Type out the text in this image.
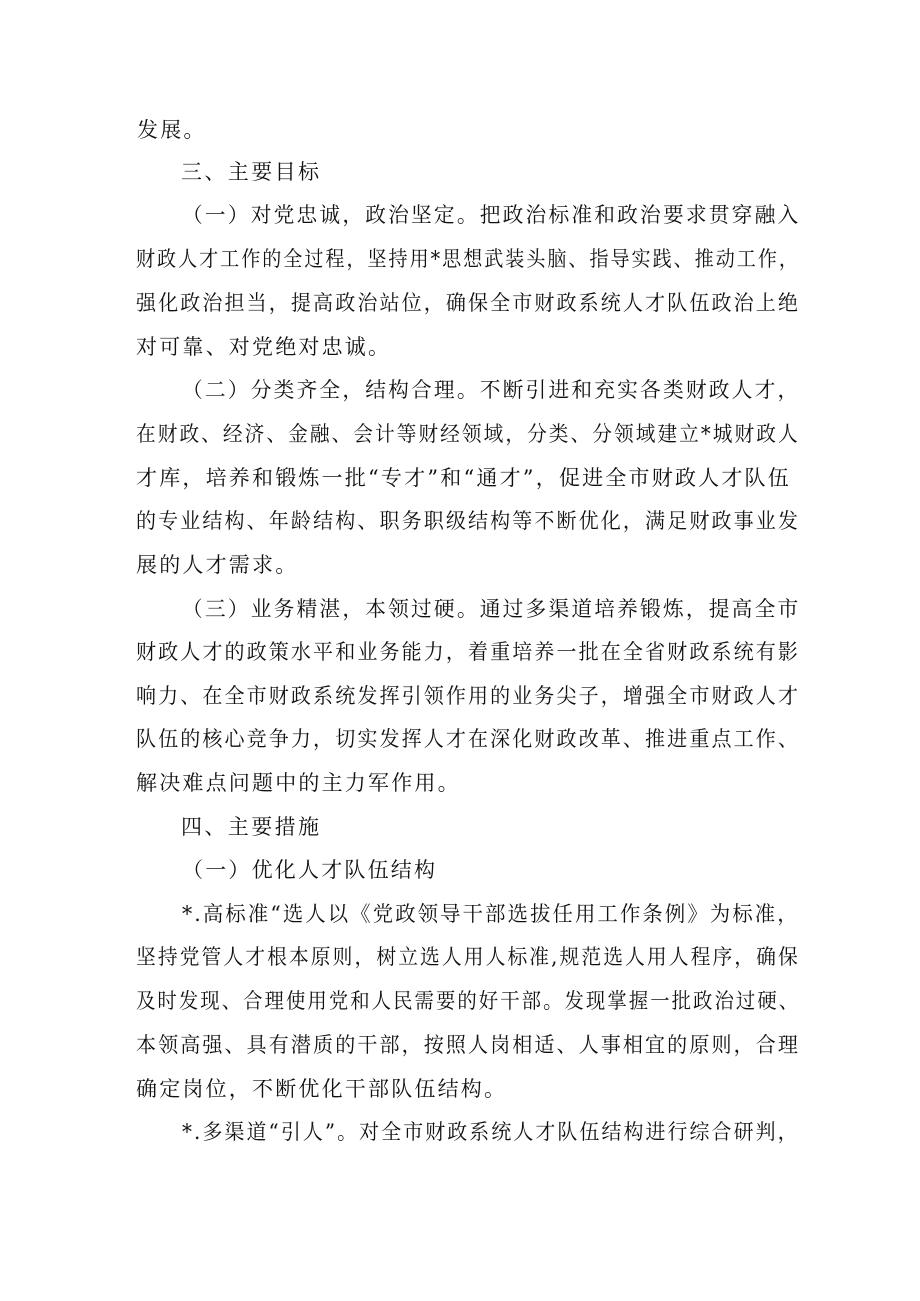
发展。
三、主要目标
（一）对党忠诚，政治坚定。把政治标准和政治要求贯穿融入
财政人才工作的全过程，坚持用*思想武装头脑、指导实践、推动工作，
强化政治担当，提高政治站位，确保全市财政系统人才队伍政治上绝
对可靠、对党绝对忠诚。
（二）分类齐全，结构合理。不断引进和充实各类财政人才，
在财政、经济、金融、会计等财经领域，分类、分领域建立*城财政人
才库，培养和锻炼一批“专才”和“通才”，促进全市财政人才队伍
的专业结构、年龄结构、职务职级结构等不断优化，满足财政事业发
展的人才需求。
（三）业务精湛，本领过硬。通过多渠道培养锻炼，提高全市
财政人才的政策水平和业务能力，着重培养一批在全省财政系统有影
响力、在全市财政系统发挥引领作用的业务尖子，增强全市财政人才
队伍的核心竞争力，切实发挥人才在深化财政改革、推进重点工作、
解决难点问题中的主力军作用。
四、主要措施
（一）优化人才队伍结构
*.高标准“选人以《党政领导干部选拔任用工作条例》为标准，
坚持党管人才根本原则，树立选人用人标准,规范选人用人程序，确保
及时发现、合理使用党和人民需要的好干部。发现掌握一批政治过硬、
本领高强、具有潜质的干部，按照人岗相适、人事相宜的原则，合理
确定岗位，不断优化干部队伍结构。
*.多渠道“引人”。对全市财政系统人才队伍结构进行综合研判，
